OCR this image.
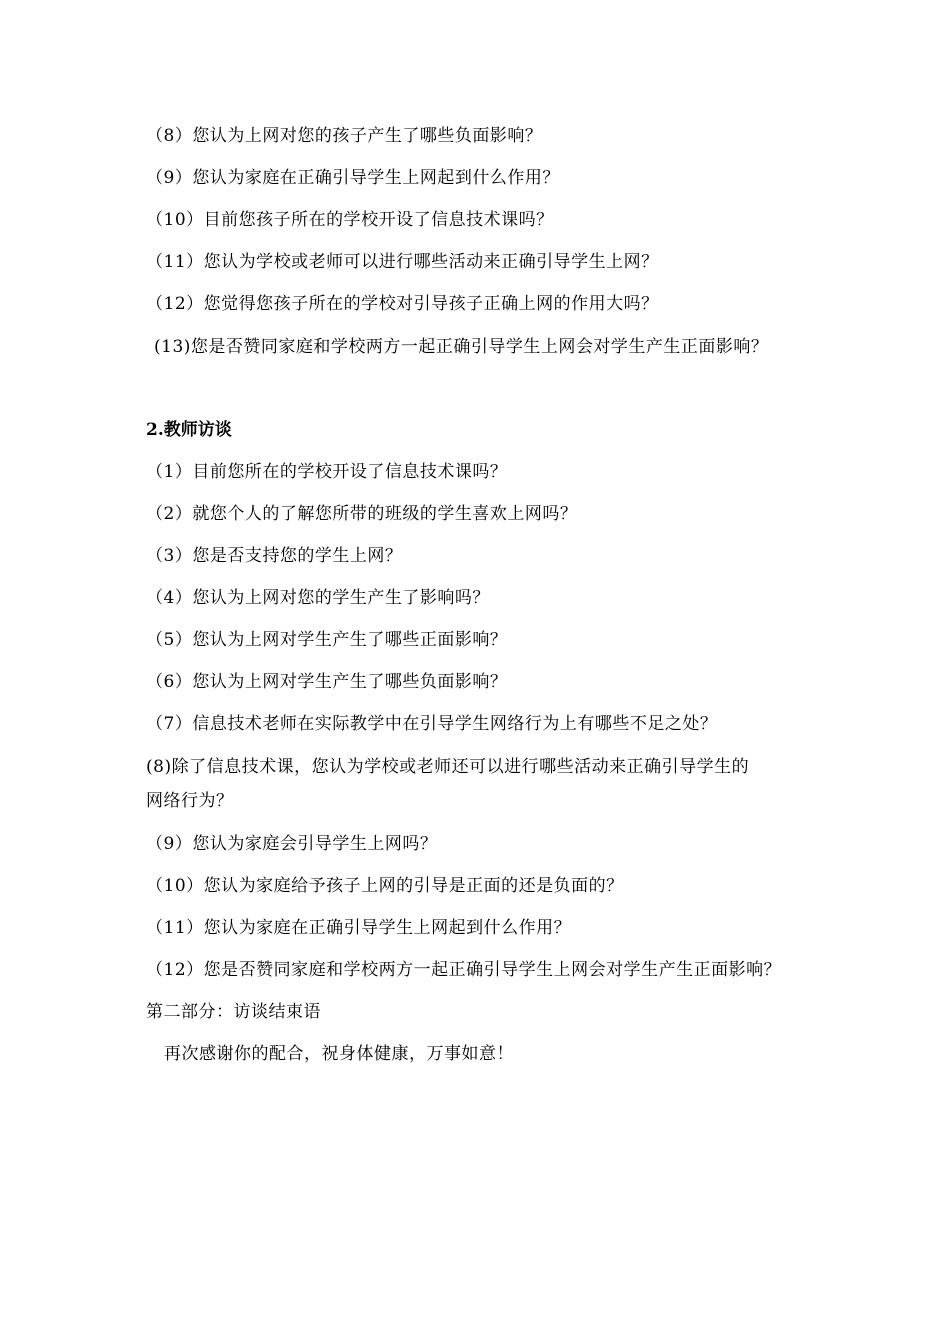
（8）您认为上网对您的孩子产生了哪些负面影响？
（9）您认为家庭在正确引导学生上网起到什么作用？
（10）目前您孩子所在的学校开设了信息技术课吗？
（11）您认为学校或老师可以进行哪些活动来正确引导学生上网？
（12）您觉得您孩子所在的学校对引导孩子正确上网的作用大吗？
(13)您是否赞同家庭和学校两方一起正确引导学生上网会对学生产生正面影响？
2.教师访谈
（1）目前您所在的学校开设了信息技术课吗？
（2）就您个人的了解您所带的班级的学生喜欢上网吗？
（3）您是否支持您的学生上网？
（4）您认为上网对您的学生产生了影响吗？
（5）您认为上网对学生产生了哪些正面影响？
（6）您认为上网对学生产生了哪些负面影响？
（7）信息技术老师在实际教学中在引导学生网络行为上有哪些不足之处？
(8)除了信息技术课，您认为学校或老师还可以进行哪些活动来正确引导学生的
网络行为？
（9）您认为家庭会引导学生上网吗？
（10）您认为家庭给予孩子上网的引导是正面的还是负面的？
（11）您认为家庭在正确引导学生上网起到什么作用？
（12）您是否赞同家庭和学校两方一起正确引导学生上网会对学生产生正面影响？
第二部分：访谈结束语
再次感谢你的配合，祝身体健康，万事如意！
